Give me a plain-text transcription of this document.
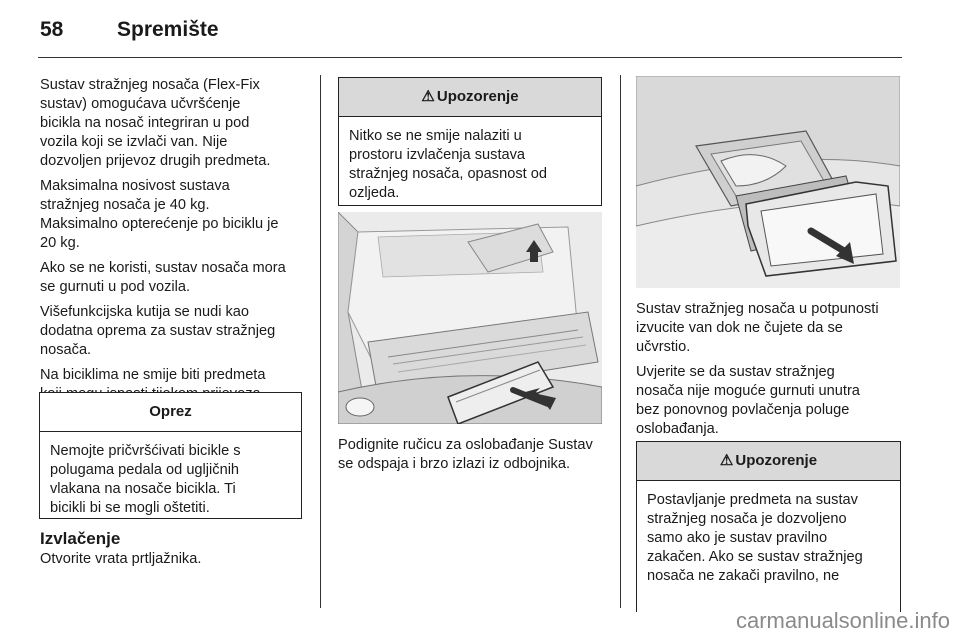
58	Spremište

Sustav stražnjeg nosača (Flex-Fix
sustav) omogućava učvršćenje
bicikla na nosač integriran u pod
vozila koji se izvlači van. Nije
dozvoljen prijevoz drugih predmeta.

Maksimalna nosivost sustava
stražnjeg nosača je 40 kg.
Maksimalno opterećenje po biciklu je
20 kg.

Ako se ne koristi, sustav nosača mora
se gurnuti u pod vozila.

Višefunkcijska kutija se nudi kao
dodatna oprema za sustav stražnjeg
nosača.

Na biciklima ne smije biti predmeta

Oprez
Nemojte pričvršćivati bicikle s
polugama pedala od ugljičnih
vlakana na nosače bicikla. Ti
bicikli bi se mogli oštetiti.
Izvlačenje
Otvorite vrata prtljažnika.
⚠ Upozorenje
Nitko se ne smije nalaziti u
prostoru izvlačenja sustava
stražnjeg nosača, opasnost od
ozljeda.
Podignite ručicu za oslobađanje Sustav se odspaja i brzo izlazi iz odbojnika.

Sustav stražnjeg nosača u potpunosti
izvucite van dok ne čujete da se
učvrstio.

Uvjerite se da sustav stražnjeg
nosača nije moguće gurnuti unutra
bez ponovnog povlačenja poluge
oslobađanja.

⚠ Upozorenje
Postavljanje predmeta na sustav
stražnjeg nosača je dozvoljeno
samo ako je sustav pravilno
zakačen. Ako se sustav stražnjeg
nosača ne zakači pravilno, ne
carmanualsonline.info
